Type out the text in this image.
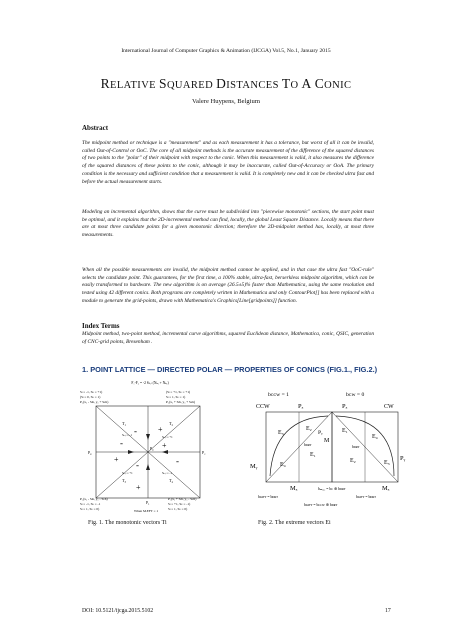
International Journal of Computer Graphics & Animation (IJCGA) Vol.5, No.1, January 2015
RELATIVE SQUARED DISTANCES TO A CONIC
Valere Huypens, Belgium
Abstract
The midpoint method or technique is a "measurement" and as each measurement it has a tolerance, but worst of all it can be invalid, called Out-of-Control or OoC. The core of all midpoint methods is the accurate measurement of the difference of the squared distances of two points to the "polar" of their midpoint with respect to the conic. When this measurement is valid, it also measures the difference of the squared distances of these points to the conic, although it may be inaccurate, called Out-of-Accuracy or OoA. The primary condition is the necessary and sufficient condition that a measurement is valid. It is completely new and it can be checked ultra fast and before the actual measurement starts.
Modeling an incremental algorithm, shows that the curve must be subdivided into "piecewise monotonic" sections, the start point must be optimal, and it explains that the 2D-incremental method can find, locally, the global Least Square Distance. Locally means that there are at most three candidate points for a given monotonic direction; therefore the 2D-midpoint method has, locally, at most three measurements.
When all the possible measurements are invalid, the midpoint method cannot be applied, and in that case the ultra fast "OoC-rule" selects the candidate point. This guarantees, for the first time, a 100% stable, ultra-fast, berserkless midpoint algorithm, which can be easily transformed to hardware. The new algorithm is on average (26.5±5)% faster than Mathematica, using the same resolution and tested using 42 different conics. Both programs are completely written in Mathematica and only ContourPlot[] has been replaced with a module to generate the grid-points, drawn with Mathematica's Graphics[Line[gridpoints]] function.
Index Terms
Midpoint method, two-point method, incremental curve algorithms, squared Euclidean distance, Mathematica, conic, QSIC, generation of CNC-grid points, Bresenham .
1. POINT LATTICE — DIRECTED POLAR — PROPERTIES OF CONICS (FIG.1., FIG.2.)
F₁-F₀ = -2 Sₖ,ₗ (Nₕᵣ + Nₕᵣ)
Sₗ = -1, Sₖ = +1)
(Sₗ = 0, Sₖ = 1)
P₃(x₀ - Sₗh, y₀ + Sₖh)
(Sₗ = +1, Sₖ = +1)
Sₗ = 1, Sₖ = 1)
P₂(x₀ + Sₗh, y₀ + Sₖh)
T₁	T₂
T₃	T₄
P₀
P₄	P₂
P₁
Sₖ,ₗ = -1	Sₖ,ₗ = +1
Sₖ,ₗ = +1	Sₖ,ₗ = -1
-	+
+	-
+
-
+
-
P₄(x₀ - Sₗh, y₀ - Sₖh)
Sₗ = -1, Sₖ = -1
Sₗ = 1, Sₖ = 0)
P₁(x₀ + Sₗh, y₀ - Sₖh)
Sₗ = +1, Sₖ = -1)
Sₗ = 1, Sₖ = 0)
When M.EFT = 1
bᴄᴄᴡ = 1	bᴄᴡ = 0
CCW	CW
Pₓ	Pₓ
E₃
E₂
Pᵧ
M
bᴅʀᴛ
E₁
E₄
Mᵧ
E₁
E₄
bᴅʀᴛ
E₂	E₃
Pᵧ
Mₓ	Mₓ
bₘₒₑₑ = bᴄ ⊕ bᴅʀᴛ
bʟᴇғᴛ = bᴅʀᴛ	bʟᴇғᴛ = bᴅʀᴛ
bʟᴇғᴛ = bᴄᴄᴡ ⊕ bᴅʀᴛ
Fig. 1. The monotonic vectors Ti	Fig. 2. The extreme vectors Ei
DOI: 10.5121/ijcga.2015.5102	17
